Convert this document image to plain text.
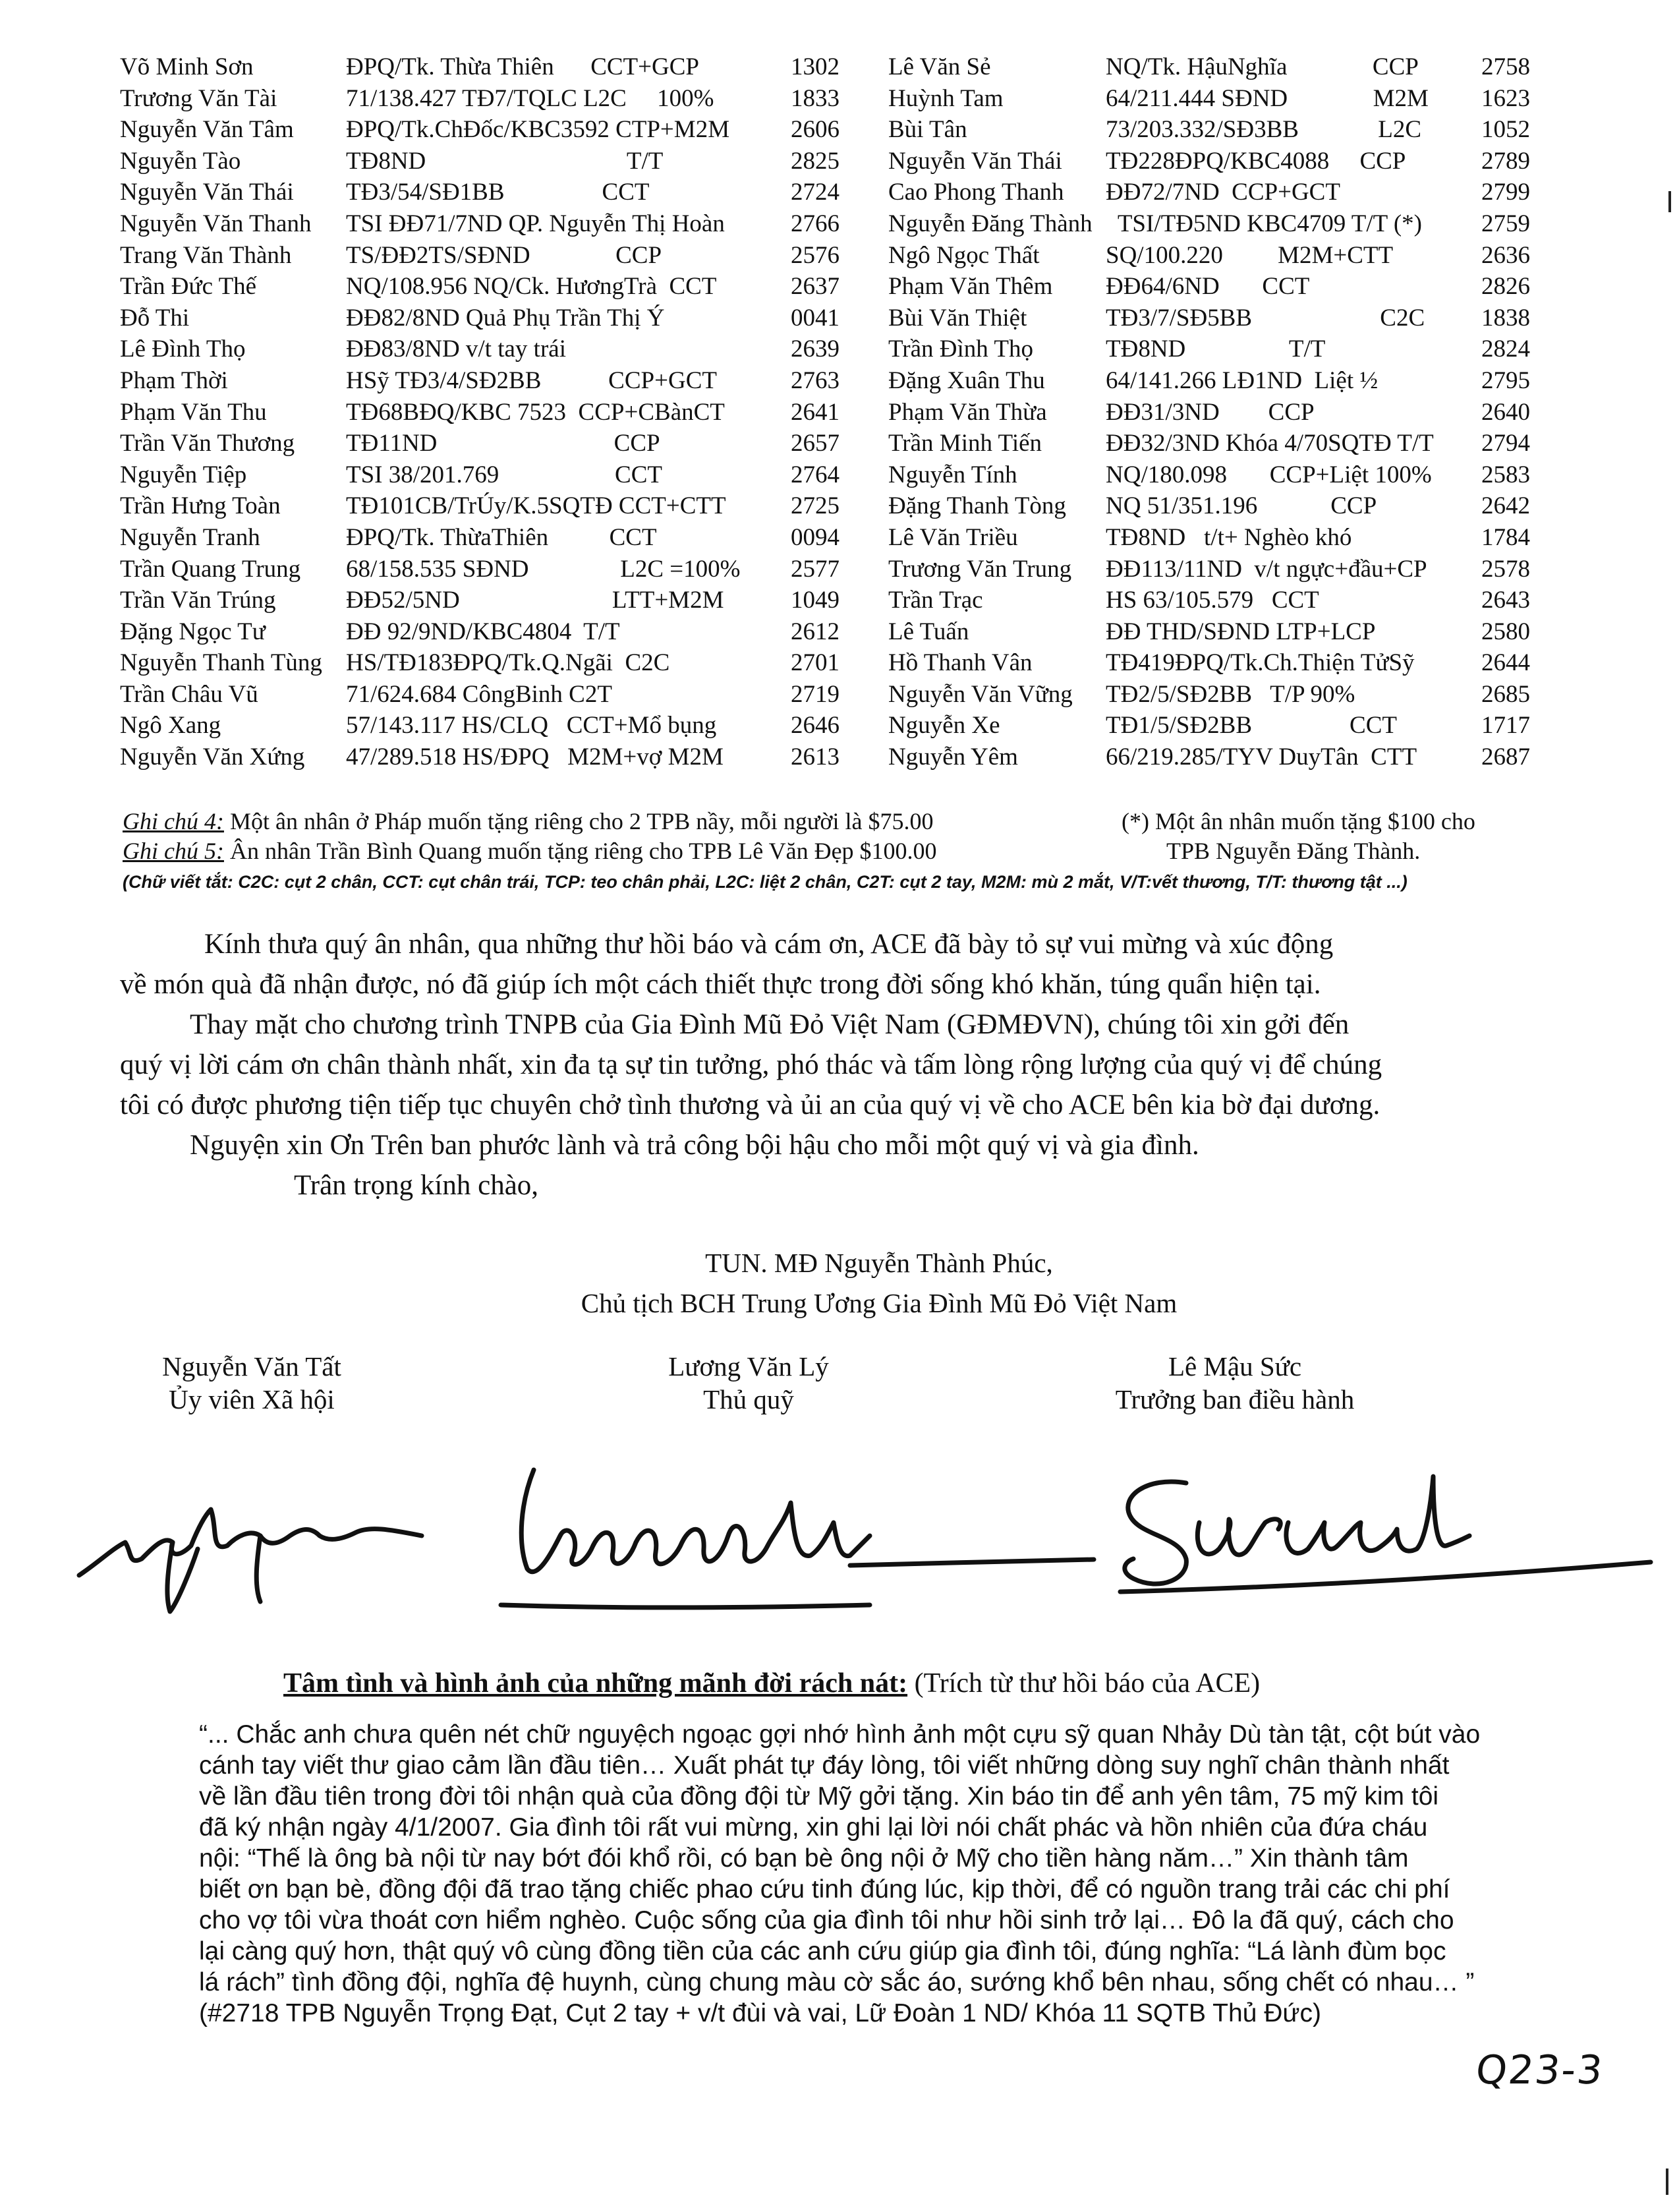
Võ Minh Sơn	ĐPQ/Tk. Thừa Thiên      CCT+GCP	1302
Trương Văn Tài	71/138.427 TĐ7/TQLC L2C     100%	1833
Nguyễn Văn Tâm ĐPQ/Tk.ChĐốc/KBC3592 CTP+M2M	2606
Nguyễn Tào	TĐ8ND                                 T/T	2825
Nguyễn Văn Thái TĐ3/54/SĐ1BB                CCT	2724
Nguyễn Văn Thanh TSI ĐĐ71/7ND QP. Nguyễn Thị Hoàn	2766
Trang Văn Thành TS/ĐĐ2TS/SĐND              CCP	2576
Trần Đức Thế	NQ/108.956 NQ/Ck. HươngTrà  CCT	2637
Đỗ Thi	ĐĐ82/8ND Quả Phụ Trần Thị Ý	0041
Lê Đình Thọ	ĐĐ83/8ND v/t tay trái	2639
Phạm Thời	HSỹ TĐ3/4/SĐ2BB           CCP+GCT	2763
Phạm Văn Thu	TĐ68BĐQ/KBC 7523  CCP+CBànCT	2641
Trần Văn Thương TĐ11ND                             CCP	2657
Nguyễn Tiệp	TSI 38/201.769                   CCT	2764
Trần Hưng Toàn	TĐ101CB/TrÚy/K.5SQTĐ CCT+CTT	2725
Nguyễn Tranh	ĐPQ/Tk. ThừaThiên          CCT	0094
Trần Quang Trung 68/158.535 SĐND               L2C =100% 2577
Trần Văn Trúng	ĐĐ52/5ND                         LTT+M2M	1049
Đặng Ngọc Tư	ĐĐ 92/9ND/KBC4804  T/T	2612
Nguyễn Thanh Tùng HS/TĐ183ĐPQ/Tk.Q.Ngãi  C2C	2701
Trần Châu Vũ	71/624.684 CôngBinh C2T	2719
Ngô Xang	57/143.117 HS/CLQ   CCT+Mổ bụng	2646
Nguyễn Văn Xứng 47/289.518 HS/ĐPQ   M2M+vợ M2M	2613
Lê Văn Sẻ	NQ/Tk. HậuNghĩa              CCP	2758
Huỳnh Tam	64/211.444 SĐND              M2M 1623
Bùi Tân	73/203.332/SĐ3BB             L2C 1052
Nguyễn Văn Thái TĐ228ĐPQ/KBC4088     CCP	2789
Cao Phong Thanh ĐĐ72/7ND  CCP+GCT	2799
Nguyễn Đăng Thành TSI/TĐ5ND KBC4709 T/T (*) 2759
Ngô Ngọc Thất	SQ/100.220         M2M+CTT	2636
Phạm Văn Thêm ĐĐ64/6ND       CCT	2826
Bùi Văn Thiệt	TĐ3/7/SĐ5BB                     C2C 1838
Trần Đình Thọ	TĐ8ND                 T/T	2824
Đặng Xuân Thu 64/141.266 LĐ1ND  Liệt ½	2795
Phạm Văn Thừa ĐĐ31/3ND        CCP	2640
Trần Minh Tiến	ĐĐ32/3ND Khóa 4/70SQTĐ T/T 2794
Nguyễn Tính	NQ/180.098       CCP+Liệt 100% 2583
Đặng Thanh Tòng NQ 51/351.196            CCP	2642
Lê Văn Triều	TĐ8ND   t/t+ Nghèo khó	1784
Trương Văn Trung ĐĐ113/11ND  v/t ngực+đầu+CP 2578
Trần Trạc	HS 63/105.579   CCT	2643
Lê Tuấn	ĐĐ THD/SĐND LTP+LCP	2580
Hồ Thanh Vân	TĐ419ĐPQ/Tk.Ch.Thiện TửSỹ	2644
Nguyễn Văn Vững TĐ2/5/SĐ2BB   T/P 90%	2685
Nguyễn Xe	TĐ1/5/SĐ2BB                CCT	1717
Nguyễn Yêm	66/219.285/TYV DuyTân  CTT	2687
Ghi chú 4: Một ân nhân ở Pháp muốn tặng riêng cho 2 TPB nầy, mỗi người là $75.00	(*) Một ân nhân muốn tặng $100 cho
Ghi chú 5: Ân nhân Trần Bình Quang muốn tặng riêng cho TPB Lê Văn Đẹp $100.00	TPB Nguyễn Đăng Thành.
(Chữ viết tắt: C2C: cụt 2 chân, CCT: cụt chân trái, TCP: teo chân phải, L2C: liệt 2 chân, C2T: cụt 2 tay, M2M: mù 2 mắt, V/T:vết thương, T/T: thương tật ...)

Kính thưa quý ân nhân, qua những thư hồi báo và cám ơn, ACE đã bày tỏ sự vui mừng và xúc động

về món quà đã nhận được, nó đã giúp ích một cách thiết thực trong đời sống khó khăn, túng quẩn hiện tại.

Thay mặt cho chương trình TNPB của Gia Đình Mũ Đỏ Việt Nam (GĐMĐVN), chúng tôi xin gởi đến

quý vị lời cám ơn chân thành nhất, xin đa tạ sự tin tưởng, phó thác và tấm lòng rộng lượng của quý vị để chúng

tôi có được phương tiện tiếp tục chuyên chở tình thương và ủi an của quý vị về cho ACE bên kia bờ đại dương.

Nguyện xin Ơn Trên ban phước lành và trả công bội hậu cho mỗi một quý vị và gia đình.

Trân trọng kính chào,

TUN. MĐ Nguyễn Thành Phúc,
Chủ tịch BCH Trung Ương Gia Đình Mũ Đỏ Việt Nam
Nguyễn Văn Tất
Ủy viên Xã hội
Lương Văn Lý
Thủ quỹ
Lê Mậu Sức
Trưởng ban điều hành
Tâm tình và hình ảnh của những mãnh đời rách nát: (Trích từ thư hồi báo của ACE)
“... Chắc anh chưa quên nét chữ nguyệch ngoạc gợi nhớ hình ảnh một cựu sỹ quan Nhảy Dù tàn tật, cột bút vào
cánh tay viết thư giao cảm lần đầu tiên… Xuất phát tự đáy lòng, tôi viết những dòng suy nghĩ chân thành nhất
về lần đầu tiên trong đời tôi nhận quà của đồng đội từ Mỹ gởi tặng. Xin báo tin để anh yên tâm, 75 mỹ kim tôi
đã ký nhận ngày 4/1/2007. Gia đình tôi rất vui mừng, xin ghi lại lời nói chất phác và hồn nhiên của đứa cháu
nội: “Thế là ông bà nội từ nay bớt đói khổ rồi, có bạn bè ông nội ở Mỹ cho tiền hàng năm…” Xin thành tâm
biết ơn bạn bè, đồng đội đã trao tặng chiếc phao cứu tinh đúng lúc, kịp thời, để có nguồn trang trải các chi phí
cho vợ tôi vừa thoát cơn hiểm nghèo. Cuộc sống của gia đình tôi như hồi sinh trở lại… Đô la đã quý, cách cho
lại càng quý hơn, thật quý vô cùng đồng tiền của các anh cứu giúp gia đình tôi, đúng nghĩa: “Lá lành đùm bọc
lá rách” tình đồng đội, nghĩa đệ huynh, cùng chung màu cờ sắc áo, sướng khổ bên nhau, sống chết có nhau… ”
(#2718 TPB Nguyễn Trọng Đạt, Cụt 2 tay + v/t đùi và vai, Lữ Đoàn 1 ND/ Khóa 11 SQTB Thủ Đức)
Q23-3
